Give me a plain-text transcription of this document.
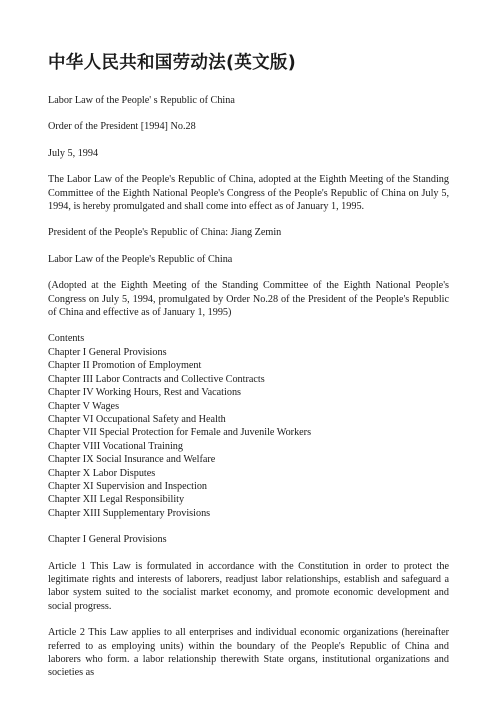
中华人民共和国劳动法(英文版)

Labor Law of the People' s Republic of China

Order of the President [1994] No.28

July 5, 1994

The Labor Law of the People's Republic of China, adopted at the Eighth Meeting of the Standing Committee of the Eighth National People's Congress of the People's Republic of China on July 5, 1994, is hereby promulgated and shall come into effect as of January 1, 1995.

President of the People's Republic of China: Jiang Zemin

Labor Law of the People's Republic of China

(Adopted at the Eighth Meeting of the Standing Committee of the Eighth National People's Congress on July 5, 1994, promulgated by Order No.28 of the President of the People's Republic of China and effective as of January 1, 1995)

Contents
Chapter I General Provisions
Chapter II Promotion of Employment
Chapter III Labor Contracts and Collective Contracts
Chapter IV Working Hours, Rest and Vacations
Chapter V Wages
Chapter VI Occupational Safety and Health
Chapter VII Special Protection for Female and Juvenile Workers
Chapter VIII Vocational Training
Chapter IX Social Insurance and Welfare
Chapter X Labor Disputes
Chapter XI Supervision and Inspection
Chapter XII Legal Responsibility
Chapter XIII Supplementary Provisions

Chapter I General Provisions

Article 1 This Law is formulated in accordance with the Constitution in order to protect the legitimate rights and interests of laborers, readjust labor relationships, establish and safeguard a labor system suited to the socialist market economy, and promote economic development and social progress.

Article 2 This Law applies to all enterprises and individual economic organizations (hereinafter referred to as employing units) within the boundary of the People's Republic of China and laborers who form. a labor relationship therewith State organs, institutional organizations and societies as
